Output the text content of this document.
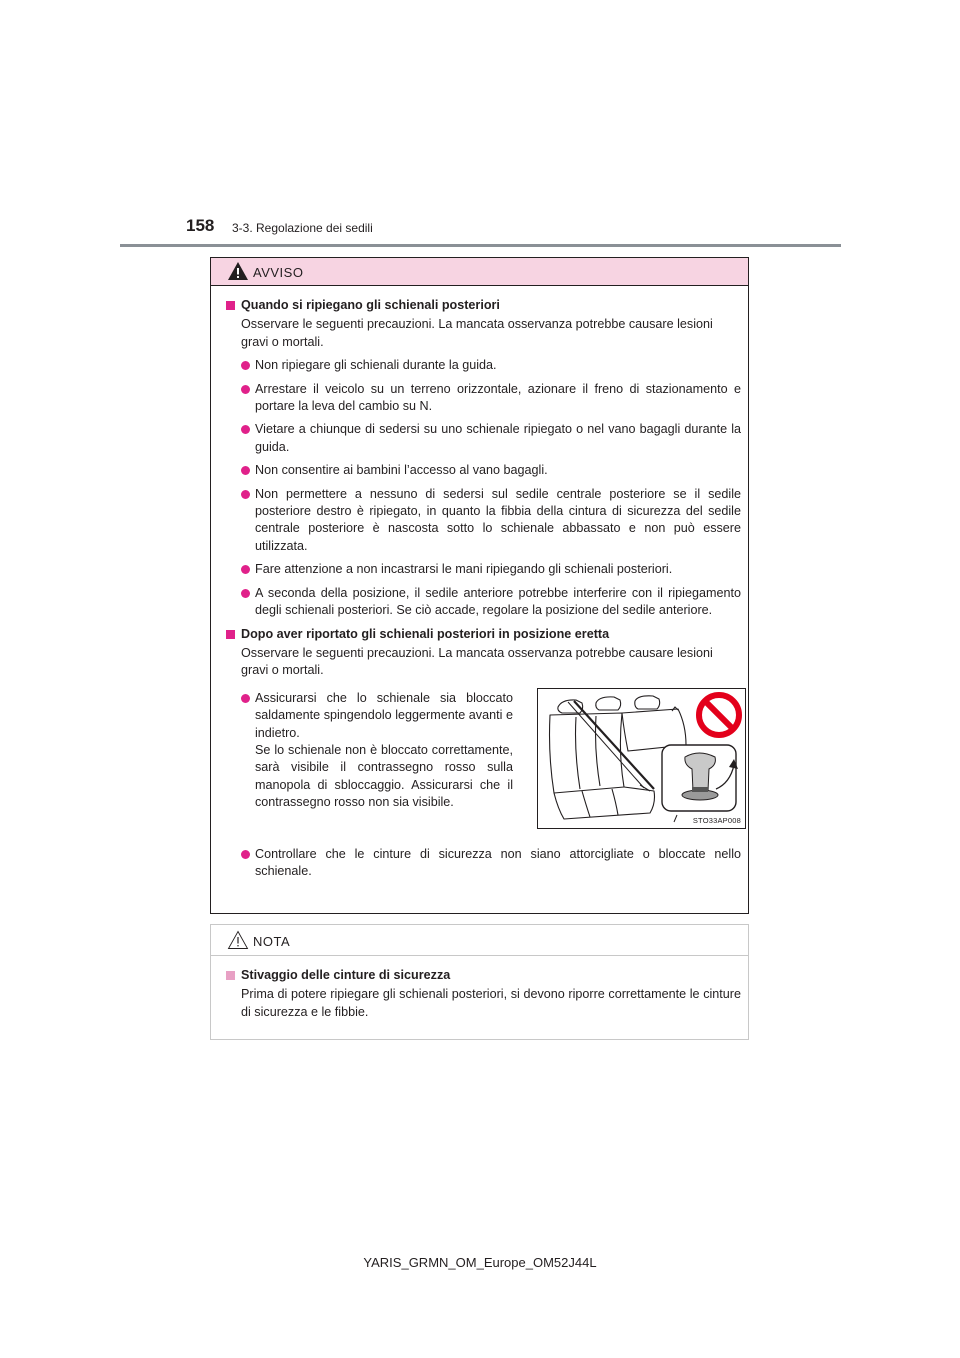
158 3-3. Regolazione dei sedili
AVVISO
Quando si ripiegano gli schienali posteriori
Osservare le seguenti precauzioni. La mancata osservanza potrebbe causare lesioni gravi o mortali.
Non ripiegare gli schienali durante la guida.
Arrestare il veicolo su un terreno orizzontale, azionare il freno di stazionamento e portare la leva del cambio su N.
Vietare a chiunque di sedersi su uno schienale ripiegato o nel vano bagagli durante la guida.
Non consentire ai bambini l’accesso al vano bagagli.
Non permettere a nessuno di sedersi sul sedile centrale posteriore se il sedile posteriore destro è ripiegato, in quanto la fibbia della cintura di sicurezza del sedile centrale posteriore è nascosta sotto lo schienale abbassato e non può essere utilizzata.
Fare attenzione a non incastrarsi le mani ripiegando gli schienali posteriori.
A seconda della posizione, il sedile anteriore potrebbe interferire con il ripiegamento degli schienali posteriori. Se ciò accade, regolare la posizione del sedile anteriore.
Dopo aver riportato gli schienali posteriori in posizione eretta
Osservare le seguenti precauzioni. La mancata osservanza potrebbe causare lesioni gravi o mortali.
Assicurarsi che lo schienale sia bloccato saldamente spingendolo leggermente avanti e indietro.
Se lo schienale non è bloccato correttamente, sarà visibile il contrassegno rosso sulla manopola di sbloccaggio. Assicurarsi che il contrassegno rosso non sia visibile.
STO33AP008
Controllare che le cinture di sicurezza non siano attorcigliate o bloccate nello schienale.
NOTA
Stivaggio delle cinture di sicurezza
Prima di potere ripiegare gli schienali posteriori, si devono riporre correttamente le cinture di sicurezza e le fibbie.
YARIS_GRMN_OM_Europe_OM52J44L
